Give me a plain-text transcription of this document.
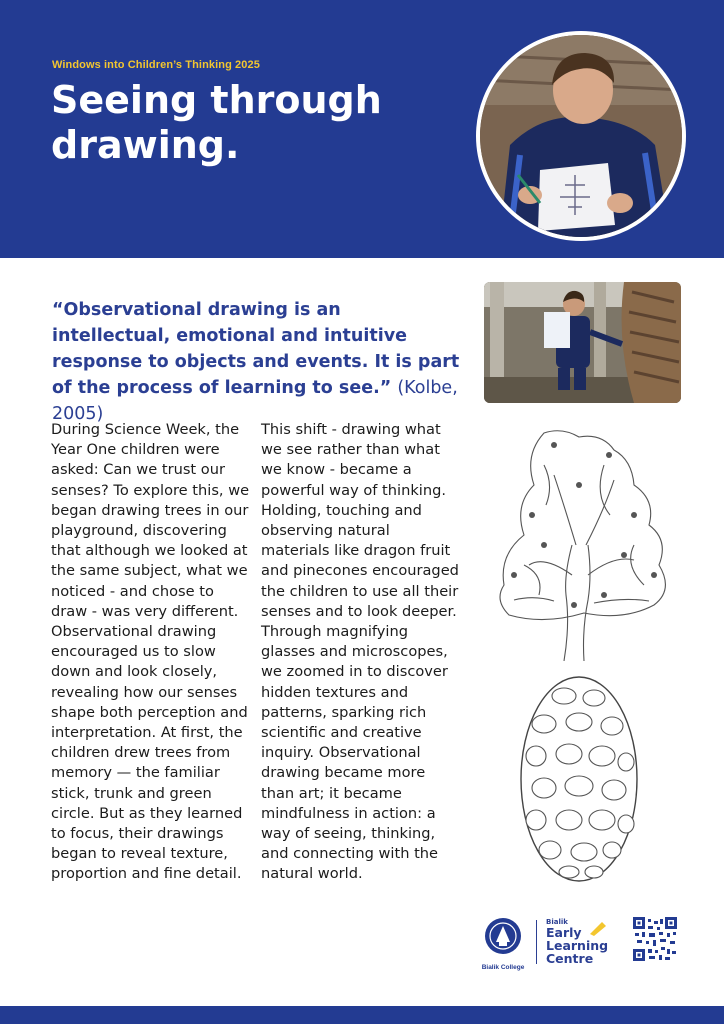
Windows into Children’s Thinking 2025
Seeing through drawing.
“Observational drawing is an intellectual, emotional and intuitive response to objects and events. It is part of the process of learning to see.” (Kolbe, 2005)
During Science Week, the Year One children were asked: Can we trust our senses? To explore this, we began drawing trees in our playground, discovering that although we looked at the same subject, what we noticed - and chose to draw - was very different. Observational drawing encouraged us to slow down and look closely, revealing how our senses shape both perception and interpretation. At first, the children drew trees from memory — the familiar stick, trunk and green circle. But as they learned to focus, their drawings began to reveal texture, proportion and fine detail.
This shift - drawing what we see rather than what we know - became a powerful way of thinking. Holding, touching and observing natural materials like dragon fruit and pinecones encouraged the children to use all their senses and to look deeper. Through magnifying glasses and microscopes, we zoomed in to discover hidden textures and patterns, sparking rich scientific and creative inquiry. Observational drawing became more than art; it became mindfulness in action: a way of seeing, thinking, and connecting with the natural world.
Bialik College
Bialik
Early
Learning
Centre
